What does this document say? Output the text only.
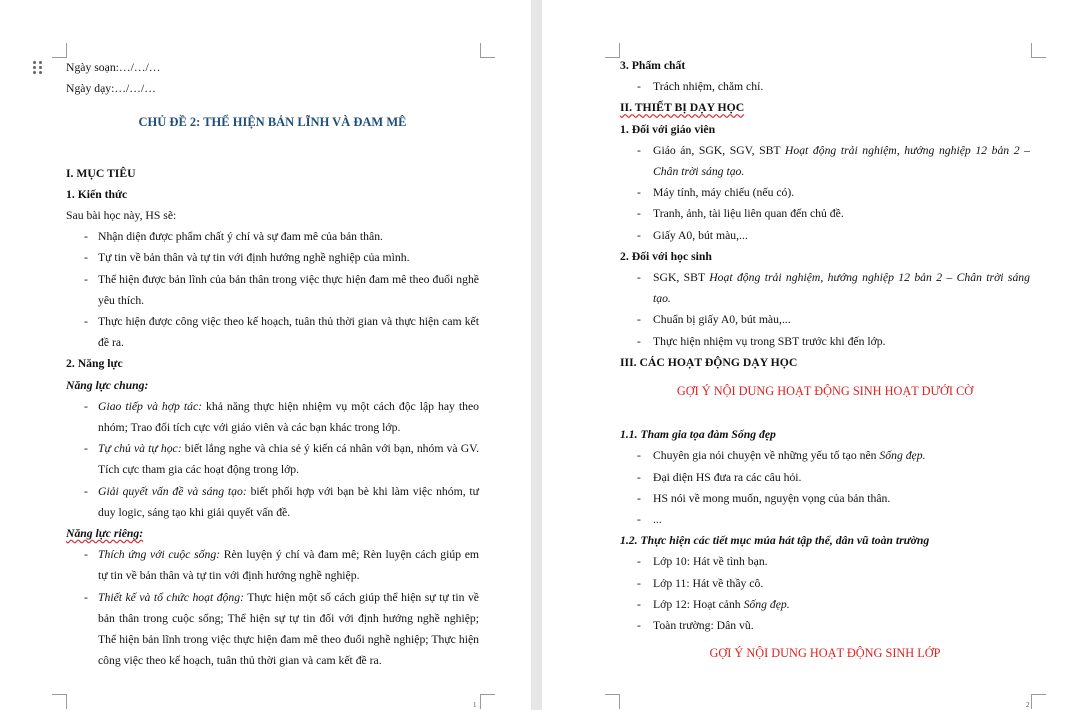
Ngày soạn:…/…/…
Ngày dạy:…/…/…
CHỦ ĐỀ 2: THỂ HIỆN BẢN LĨNH VÀ ĐAM MÊ
I. MỤC TIÊU
1. Kiến thức
Sau bài học này, HS sẽ:
- Nhận diện được phẩm chất ý chí và sự đam mê của bản thân.
- Tự tin về bản thân và tự tin với định hướng nghề nghiệp của mình.
- Thể hiện được bản lĩnh của bản thân trong việc thực hiện đam mê theo đuổi nghề yêu thích.
- Thực hiện được công việc theo kế hoạch, tuân thủ thời gian và thực hiện cam kết đề ra.
2. Năng lực
Năng lực chung:
- Giao tiếp và hợp tác: khả năng thực hiện nhiệm vụ một cách độc lập hay theo nhóm; Trao đổi tích cực với giáo viên và các bạn khác trong lớp.
- Tự chủ và tự học: biết lắng nghe và chia sẻ ý kiến cá nhân với bạn, nhóm và GV. Tích cực tham gia các hoạt động trong lớp.
- Giải quyết vấn đề và sáng tạo: biết phối hợp với bạn bè khi làm việc nhóm, tư duy logic, sáng tạo khi giải quyết vấn đề.
Năng lực riêng:
- Thích ứng với cuộc sống: Rèn luyện ý chí và đam mê; Rèn luyện cách giúp em tự tin về bản thân và tự tin với định hướng nghề nghiệp.
- Thiết kế và tổ chức hoạt động: Thực hiện một số cách giúp thể hiện sự tự tin về bản thân trong cuộc sống; Thể hiện sự tự tin đối với định hướng nghề nghiệp; Thể hiện bản lĩnh trong việc thực hiện đam mê theo đuổi nghề nghiệp; Thực hiện công việc theo kế hoạch, tuân thủ thời gian và cam kết đề ra.
1
3. Phẩm chất
- Trách nhiệm, chăm chỉ.
II. THIẾT BỊ DẠY HỌC
1. Đối với giáo viên
- Giáo án, SGK, SGV, SBT Hoạt động trải nghiệm, hướng nghiệp 12 bản 2 – Chân trời sáng tạo.
- Máy tính, máy chiếu (nếu có).
- Tranh, ảnh, tài liệu liên quan đến chủ đề.
- Giấy A0, bút màu,...
2. Đối với học sinh
- SGK, SBT Hoạt động trải nghiệm, hướng nghiệp 12 bản 2 – Chân trời sáng tạo.
- Chuẩn bị giấy A0, bút màu,...
- Thực hiện nhiệm vụ trong SBT trước khi đến lớp.
III. CÁC HOẠT ĐỘNG DẠY HỌC
GỢI Ý NỘI DUNG HOẠT ĐỘNG SINH HOẠT DƯỚI CỜ
1.1. Tham gia tọa đàm Sống đẹp
- Chuyên gia nói chuyện về những yếu tố tạo nên Sống đẹp.
- Đại diện HS đưa ra các câu hỏi.
- HS nói về mong muốn, nguyện vọng của bản thân.
- ...
1.2. Thực hiện các tiết mục múa hát tập thể, dân vũ toàn trường
- Lớp 10: Hát về tình bạn.
- Lớp 11: Hát về thầy cô.
- Lớp 12: Hoạt cảnh Sống đẹp.
- Toàn trường: Dân vũ.
GỢI Ý NỘI DUNG HOẠT ĐỘNG SINH LỚP
2
